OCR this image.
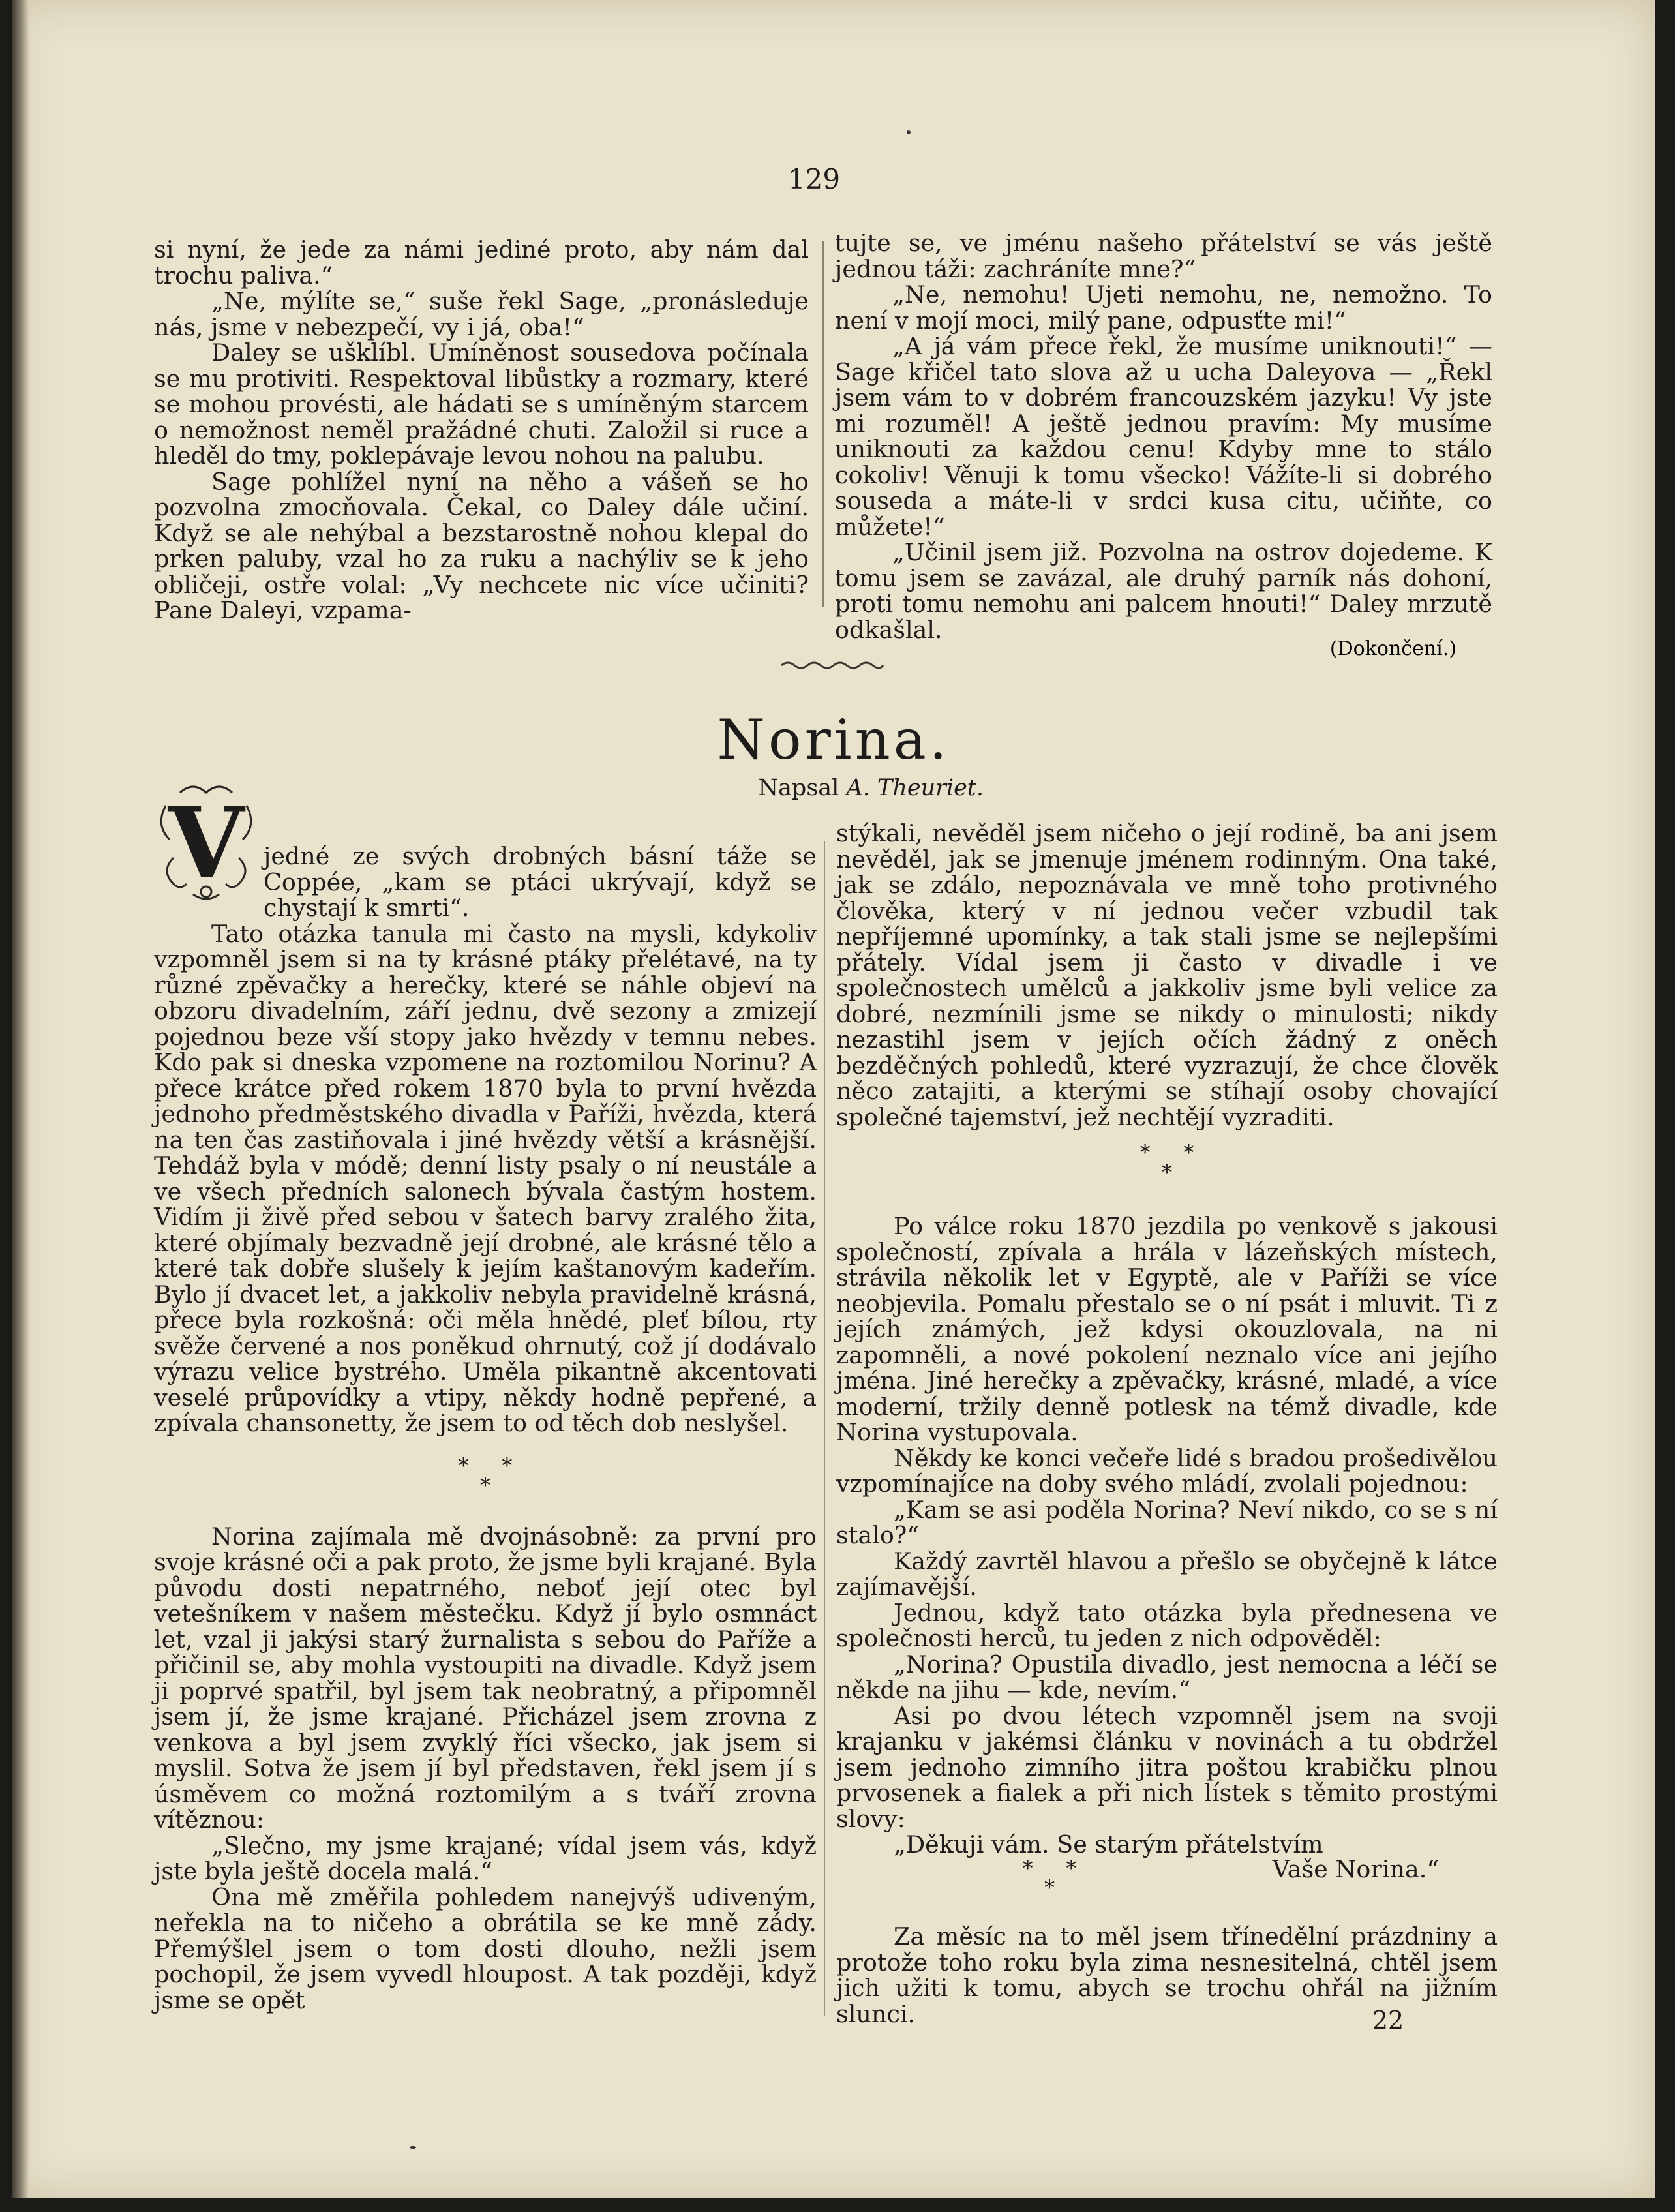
129

si nyní, že jede za námi jediné proto, aby nám dal trochu paliva.“

„Ne, mýlíte se,“ suše řekl Sage, „pronásleduje nás, jsme v nebezpečí, vy i já, oba!“

Daley se ušklíbl. Umíněnost sousedova počínala se mu protiviti. Respektoval libůstky a rozmary, které se mohou provésti, ale hádati se s umíněným starcem o nemožnost neměl pražádné chuti. Založil si ruce a hleděl do tmy, poklepávaje levou nohou na palubu.

Sage pohlížel nyní na něho a vášeň se ho pozvolna zmocňovala. Čekal, co Daley dále učiní. Když se ale nehýbal a bezstarostně nohou klepal do prken paluby, vzal ho za ruku a nachýliv se k jeho obličeji, ostře volal: „Vy nechcete nic více učiniti? Pane Daleyi, vzpama-

tujte se, ve jménu našeho přátelství se vás ještě jednou táži: zachráníte mne?“

„Ne, nemohu! Ujeti nemohu, ne, nemožno. To není v mojí moci, milý pane, odpusťte mi!“

„A já vám přece řekl, že musíme uniknouti!“ — Sage křičel tato slova až u ucha Daleyova — „Řekl jsem vám to v dobrém francouzském jazyku! Vy jste mi rozuměl! A ještě jednou pravím: My musíme uniknouti za každou cenu! Kdyby mne to stálo cokoliv! Věnuji k tomu všecko! Vážíte-li si dobrého souseda a máte-li v srdci kusa citu, učiňte, co můžete!“

„Učinil jsem již. Pozvolna na ostrov dojedeme. K tomu jsem se zavázal, ale druhý parník nás dohoní, proti tomu nemohu ani palcem hnouti!“ Daley mrzutě odkašlal.

(Dokončení.)
Norina.
Napsal A. Theuriet.
V jedné ze svých drobných básní táže se Coppée, „kam se ptáci ukrývají, když se chystají k smrti“.

Tato otázka tanula mi často na mysli, kdykoliv vzpomněl jsem si na ty krásné ptáky přelétavé, na ty různé zpěvačky a herečky, které se náhle objeví na obzoru divadelním, září jednu, dvě sezony a zmizejí pojednou beze vší stopy jako hvězdy v temnu nebes. Kdo pak si dneska vzpomene na roztomilou Norinu? A přece krátce před rokem 1870 byla to první hvězda jednoho předměstského divadla v Paříži, hvězda, která na ten čas zastiňovala i jiné hvězdy větší a krásnější. Tehdáž byla v módě; denní listy psaly o ní neustále a ve všech předních salonech bývala častým hostem. Vidím ji živě před sebou v šatech barvy zralého žita, které objímaly bezvadně její drobné, ale krásné tělo a které tak dobře slušely k jejím kaštanovým kadeřím. Bylo jí dvacet let, a jakkoliv nebyla pravidelně krásná, přece byla rozkošná: oči měla hnědé, pleť bílou, rty svěže červené a nos poněkud ohrnutý, což jí dodávalo výrazu velice bystrého. Uměla pikantně akcentovati veselé průpovídky a vtipy, někdy hodně pepřené, a zpívala chansonetty, že jsem to od těch dob neslyšel.

*     *
*

Norina zajímala mě dvojnásobně: za první pro svoje krásné oči a pak proto, že jsme byli krajané. Byla původu dosti nepatrného, neboť její otec byl vetešníkem v našem městečku. Když jí bylo osmnáct let, vzal ji jakýsi starý žurnalista s sebou do Paříže a přičinil se, aby mohla vystoupiti na divadle. Když jsem ji poprvé spatřil, byl jsem tak neobratný, a připomněl jsem jí, že jsme krajané. Přicházel jsem zrovna z venkova a byl jsem zvyklý říci všecko, jak jsem si myslil. Sotva že jsem jí byl představen, řekl jsem jí s úsměvem co možná roztomilým a s tváří zrovna vítěznou:

„Slečno, my jsme krajané; vídal jsem vás, když jste byla ještě docela malá.“

Ona mě změřila pohledem nanejvýš udiveným, neřekla na to ničeho a obrátila se ke mně zády. Přemýšlel jsem o tom dosti dlouho, nežli jsem pochopil, že jsem vyvedl hloupost. A tak později, když jsme se opět

stýkali, nevěděl jsem ničeho o její rodině, ba ani jsem nevěděl, jak se jmenuje jménem rodinným. Ona také, jak se zdálo, nepoznávala ve mně toho protivného člověka, který v ní jednou večer vzbudil tak nepříjemné upomínky, a tak stali jsme se nejlepšími přátely. Vídal jsem ji často v divadle i ve společnostech umělců a jakkoliv jsme byli velice za dobré, nezmínili jsme se nikdy o minulosti; nikdy nezastihl jsem v jejích očích žádný z oněch bezděčných pohledů, které vyzrazují, že chce člověk něco zatajiti, a kterými se stíhají osoby chovající společné tajemství, jež nechtějí vyzraditi.

*     *
*

Po válce roku 1870 jezdila po venkově s jakousi společností, zpívala a hrála v lázeňských místech, strávila několik let v Egyptě, ale v Paříži se více neobjevila. Pomalu přestalo se o ní psát i mluvit. Ti z jejích známých, jež kdysi okouzlovala, na ni zapomněli, a nové pokolení neznalo více ani jejího jména. Jiné herečky a zpěvačky, krásné, mladé, a více moderní, tržily denně potlesk na témž divadle, kde Norina vystupovala.

Někdy ke konci večeře lidé s bradou prošedivělou vzpomínajíce na doby svého mládí, zvolali pojednou:

„Kam se asi poděla Norina? Neví nikdo, co se s ní stalo?“

Každý zavrtěl hlavou a přešlo se obyčejně k látce zajímavější.

Jednou, když tato otázka byla přednesena ve společnosti herců, tu jeden z nich odpověděl:

„Norina? Opustila divadlo, jest nemocna a léčí se někde na jihu — kde, nevím.“

Asi po dvou létech vzpomněl jsem na svoji krajanku v jakémsi článku v novinách a tu obdržel jsem jednoho zimního jitra poštou krabičku plnou prvosenek a fialek a při nich lístek s těmito prostými slovy:

„Děkuji vám. Se starým přátelstvím

Vaše Norina.“
*     *
*

Za měsíc na to měl jsem třínedělní prázdniny a protože toho roku byla zima nesnesitelná, chtěl jsem jich užiti k tomu, abych se trochu ohřál na jižním slunci.	22
